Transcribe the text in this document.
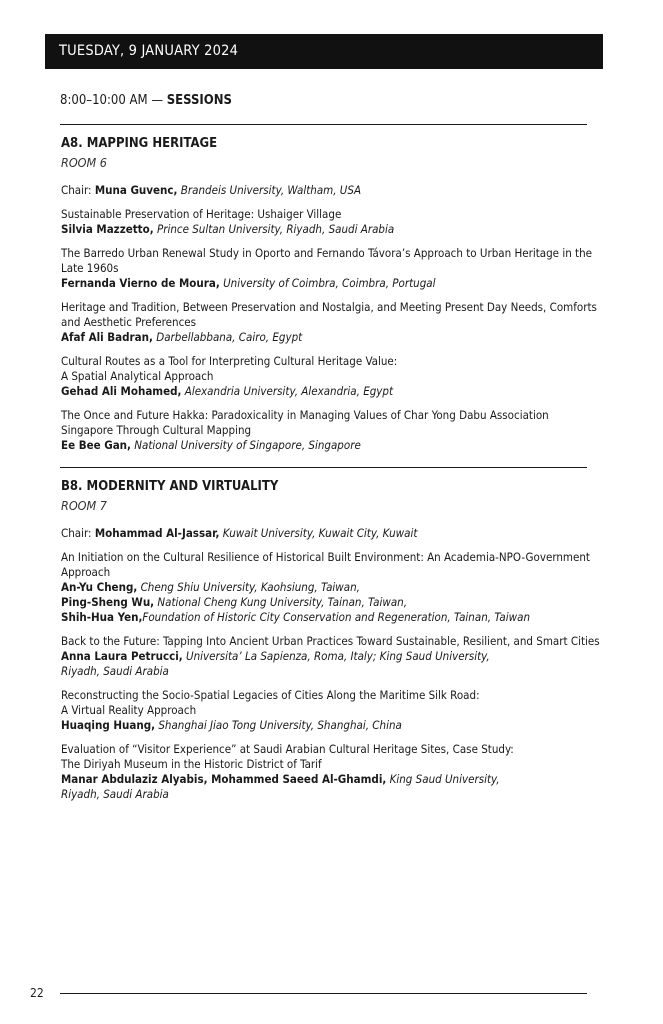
TUESDAY, 9 JANUARY 2024
8:00–10:00 AM — SESSIONS
A8. MAPPING HERITAGE
ROOM 6
Chair: Muna Guvenc, Brandeis University, Waltham, USA
Sustainable Preservation of Heritage: Ushaiger Village
Silvia Mazzetto, Prince Sultan University, Riyadh, Saudi Arabia
The Barredo Urban Renewal Study in Oporto and Fernando Távora’s Approach to Urban Heritage in the Late 1960s
Fernanda Vierno de Moura, University of Coimbra, Coimbra, Portugal
Heritage and Tradition, Between Preservation and Nostalgia, and Meeting Present Day Needs, Comforts and Aesthetic Preferences
Afaf Ali Badran, Darbellabbana, Cairo, Egypt
Cultural Routes as a Tool for Interpreting Cultural Heritage Value:
A Spatial Analytical Approach
Gehad Ali Mohamed, Alexandria University, Alexandria, Egypt
The Once and Future Hakka: Paradoxicality in Managing Values of Char Yong Dabu Association Singapore Through Cultural Mapping
Ee Bee Gan, National University of Singapore, Singapore
B8. MODERNITY AND VIRTUALITY
ROOM 7
Chair: Mohammad Al-Jassar, Kuwait University, Kuwait City, Kuwait
An Initiation on the Cultural Resilience of Historical Built Environment: An Academia-NPO-Government Approach
An-Yu Cheng, Cheng Shiu University, Kaohsiung, Taiwan,
Ping-Sheng Wu, National Cheng Kung University, Tainan, Taiwan,
Shih-Hua Yen,Foundation of Historic City Conservation and Regeneration, Tainan, Taiwan
Back to the Future: Tapping Into Ancient Urban Practices Toward Sustainable, Resilient, and Smart Cities
Anna Laura Petrucci, Universita’ La Sapienza, Roma, Italy; King Saud University,
Riyadh, Saudi Arabia
Reconstructing the Socio-Spatial Legacies of Cities Along the Maritime Silk Road:
A Virtual Reality Approach
Huaqing Huang, Shanghai Jiao Tong University, Shanghai, China
Evaluation of “Visitor Experience” at Saudi Arabian Cultural Heritage Sites, Case Study:
The Diriyah Museum in the Historic District of Tarif
Manar Abdulaziz Alyabis, Mohammed Saeed Al-Ghamdi, King Saud University,
Riyadh, Saudi Arabia
22
